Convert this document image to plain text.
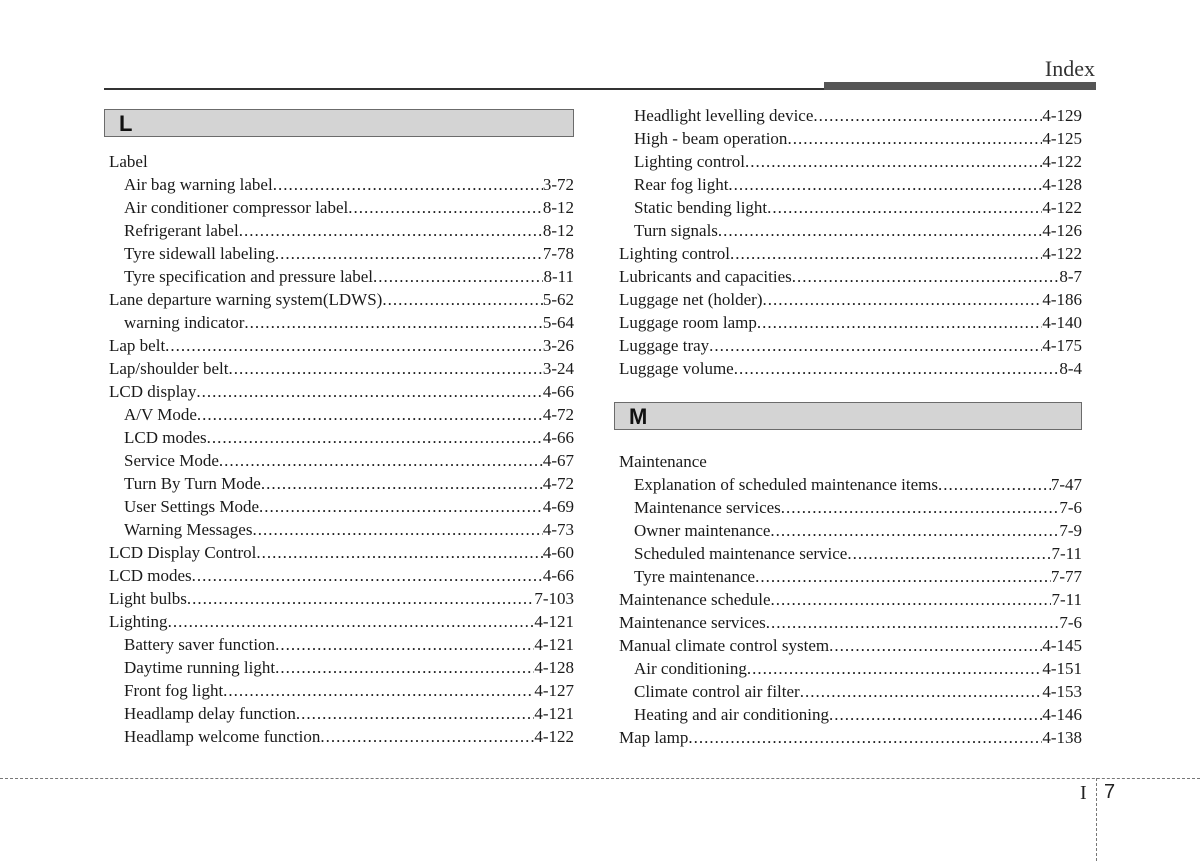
Index
L
Label
Air bag warning label .....	3-72
Air conditioner compressor label .....	8-12
Refrigerant label .....	8-12
Tyre sidewall labeling .....	7-78
Tyre specification and pressure label .....	8-11
Lane departure warning system(LDWS) .....	5-62
warning indicator .....	5-64
Lap belt .....	3-26
Lap/shoulder belt .....	3-24
LCD display .....	4-66
A/V Mode .....	4-72
LCD modes .....	4-66
Service Mode .....	4-67
Turn By Turn Mode .....	4-72
User Settings Mode .....	4-69
Warning Messages .....	4-73
LCD Display Control .....	4-60
LCD modes .....	4-66
Light bulbs .....	7-103
Lighting .....	4-121
Battery saver function .....	4-121
Daytime running light .....	4-128
Front fog light .....	4-127
Headlamp delay function .....	4-121
Headlamp welcome function .....	4-122
M
Headlight levelling device .....	4-129
High - beam operation .....	4-125
Lighting control .....	4-122
Rear fog light .....	4-128
Static bending light .....	4-122
Turn signals .....	4-126
Lighting control .....	4-122
Lubricants and capacities .....	8-7
Luggage net (holder) .....	4-186
Luggage room lamp .....	4-140
Luggage tray .....	4-175
Luggage volume .....	8-4
Maintenance
Explanation of scheduled maintenance items .....	7-47
Maintenance services .....	7-6
Owner maintenance .....	7-9
Scheduled maintenance service .....	7-11
Tyre maintenance .....	7-77
Maintenance schedule .....	7-11
Maintenance services .....	7-6
Manual climate control system .....	4-145
Air conditioning .....	4-151
Climate control air filter .....	4-153
Heating and air conditioning .....	4-146
Map lamp .....	4-138
I 7
